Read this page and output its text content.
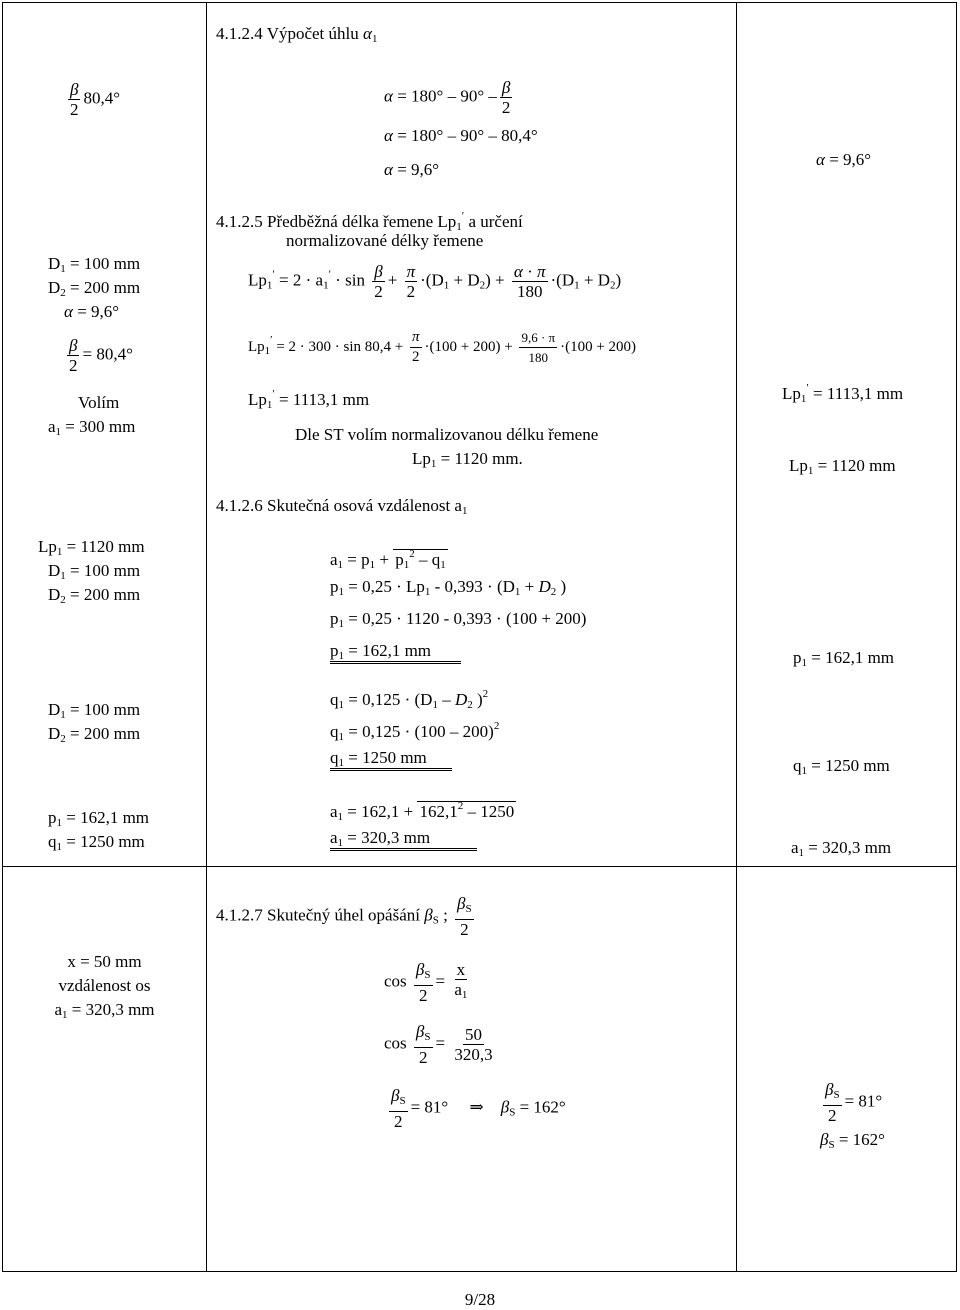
$\frac{\beta}{2} 80,4^\circ$
$D_1 = 100$ mm
$D_2 = 200$ mm
α = 9,6°
$\frac{\beta}{2} = 80,4^\circ$
Volím
$a_1 = 300$ mm
$Lp_1 = 1120$ mm
$D_1 = 100$ mm
$D_2 = 200$ mm
$D_1 = 100$ mm
$D_2 = 200$ mm
$p_1 = 162,1$ mm
$q_1 = 1250$ mm
x = 50 mm
vzdálenost os
$a_1 = 320,3$ mm
4.1.2.4 Výpočet úhlu $\alpha_1$
$\alpha = 180^\circ - 90^\circ - \frac{\beta}{2}$
α = 180° – 90° – 80,4°
α = 9,6°
4.1.2.5 Předběžná délka řemene $Lp_1'$ a určení
normalizované délky řemene
$Lp_1' = 2 \cdot a_1' \cdot \sin \frac{\beta}{2} + \frac{\pi}{2} \cdot(D_1 + D_2) + \frac{\alpha \cdot \pi}{180} \cdot(D_1 + D_2)$
$Lp_1' = 2 \cdot 300 \cdot \sin 80,4 + \frac{\pi}{2} \cdot(100 + 200) + \frac{9,6 \cdot \pi}{180} \cdot(100 + 200)$
$Lp_1' = 1113,1$ mm
Dle ST volím normalizovanou délku řemene
$Lp_1 = 1120$ mm.
4.1.2.6 Skutečná osová vzdálenost $a_1$
$a_1 = p_1 + p_1^2 - q_1$
$p_1 = 0,25 \cdot Lp_1 - 0,393 \cdot (D_1 + D_2$ )
$p_1 = 0,25 \cdot 1120 - 0,393 \cdot (100 + 200)$
$p_1 = 162,1$ mm
$q_1 = 0,125 \cdot (D_1 - D_2$ )$^2$
$q_1 = 0,125 \cdot (100 - 200)^2$
$q_1 = 1250$ mm
$a_1 = 162,1 + 162,1^2 - 1250$
$a_1 = 320,3$ mm
4.1.2.7 Skutečný úhel opášání $\beta_S$ ; $\frac{\beta_S}{2}$
$\cos \frac{\beta_S}{2} = \frac{x}{a_1}$
$\cos \frac{\beta_S}{2} = \frac{50}{320,3}$
$\frac{\beta_S}{2} = 81^\circ$     ⇒    $\beta_S = 162^\circ$
α = 9,6°
$Lp_1' = 1113,1$ mm
$Lp_1 = 1120$ mm
$p_1 = 162,1$ mm
$q_1 = 1250$ mm
$a_1 = 320,3$ mm
$\frac{\beta_S}{2} = 81^\circ$
$\beta_S = 162^\circ$
9/28
